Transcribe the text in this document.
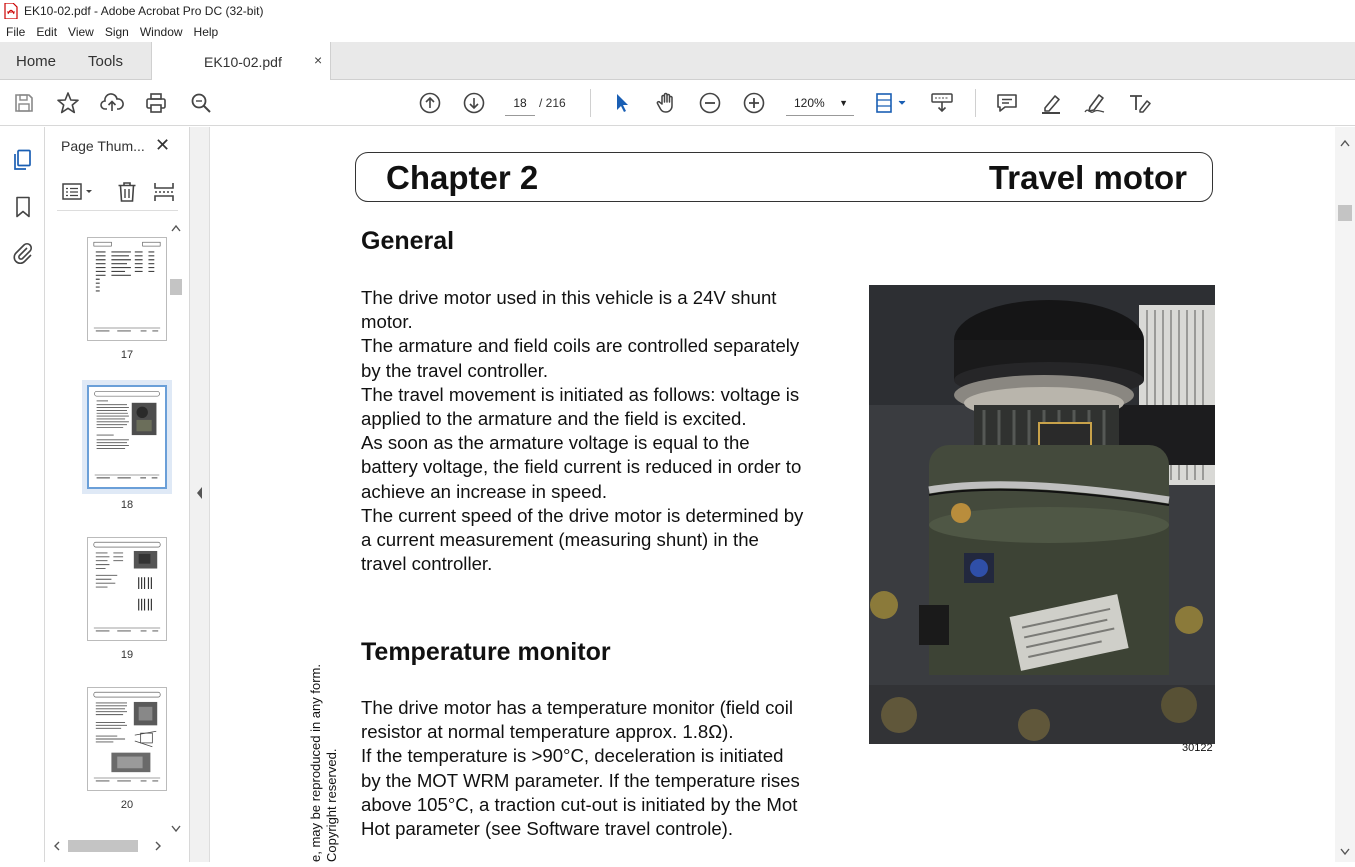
EK10-02.pdf - Adobe Acrobat Pro DC (32-bit)
File Edit View Sign Window Help
Home Tools	EK10-02.pdf ×
18	/ 216	120% ▼
Page Thum... ✕
17
18
19
20
Chapter 2	Travel motor
General
The drive motor used in this vehicle is a 24V shunt
motor.
The armature and field coils are controlled separately
by the travel controller.
The travel movement is initiated as follows: voltage is
applied to the armature and the field is excited.
As soon as the armature voltage is equal to the
battery voltage, the field current is reduced in order to
achieve an increase in speed.
The current speed of the drive motor is determined by
a current measurement (measuring shunt) in the
travel controller.
Temperature monitor
The drive motor has a temperature monitor (field coil
resistor at normal temperature approx. 1.8Ω).
If the temperature is >90°C, deceleration is initiated
by the MOT WRM parameter. If the temperature rises
above 105°C, a traction cut-out is initiated by the Mot
Hot parameter (see Software travel controle).
30122
e, may be reproduced in any form. Copyright reserved.
